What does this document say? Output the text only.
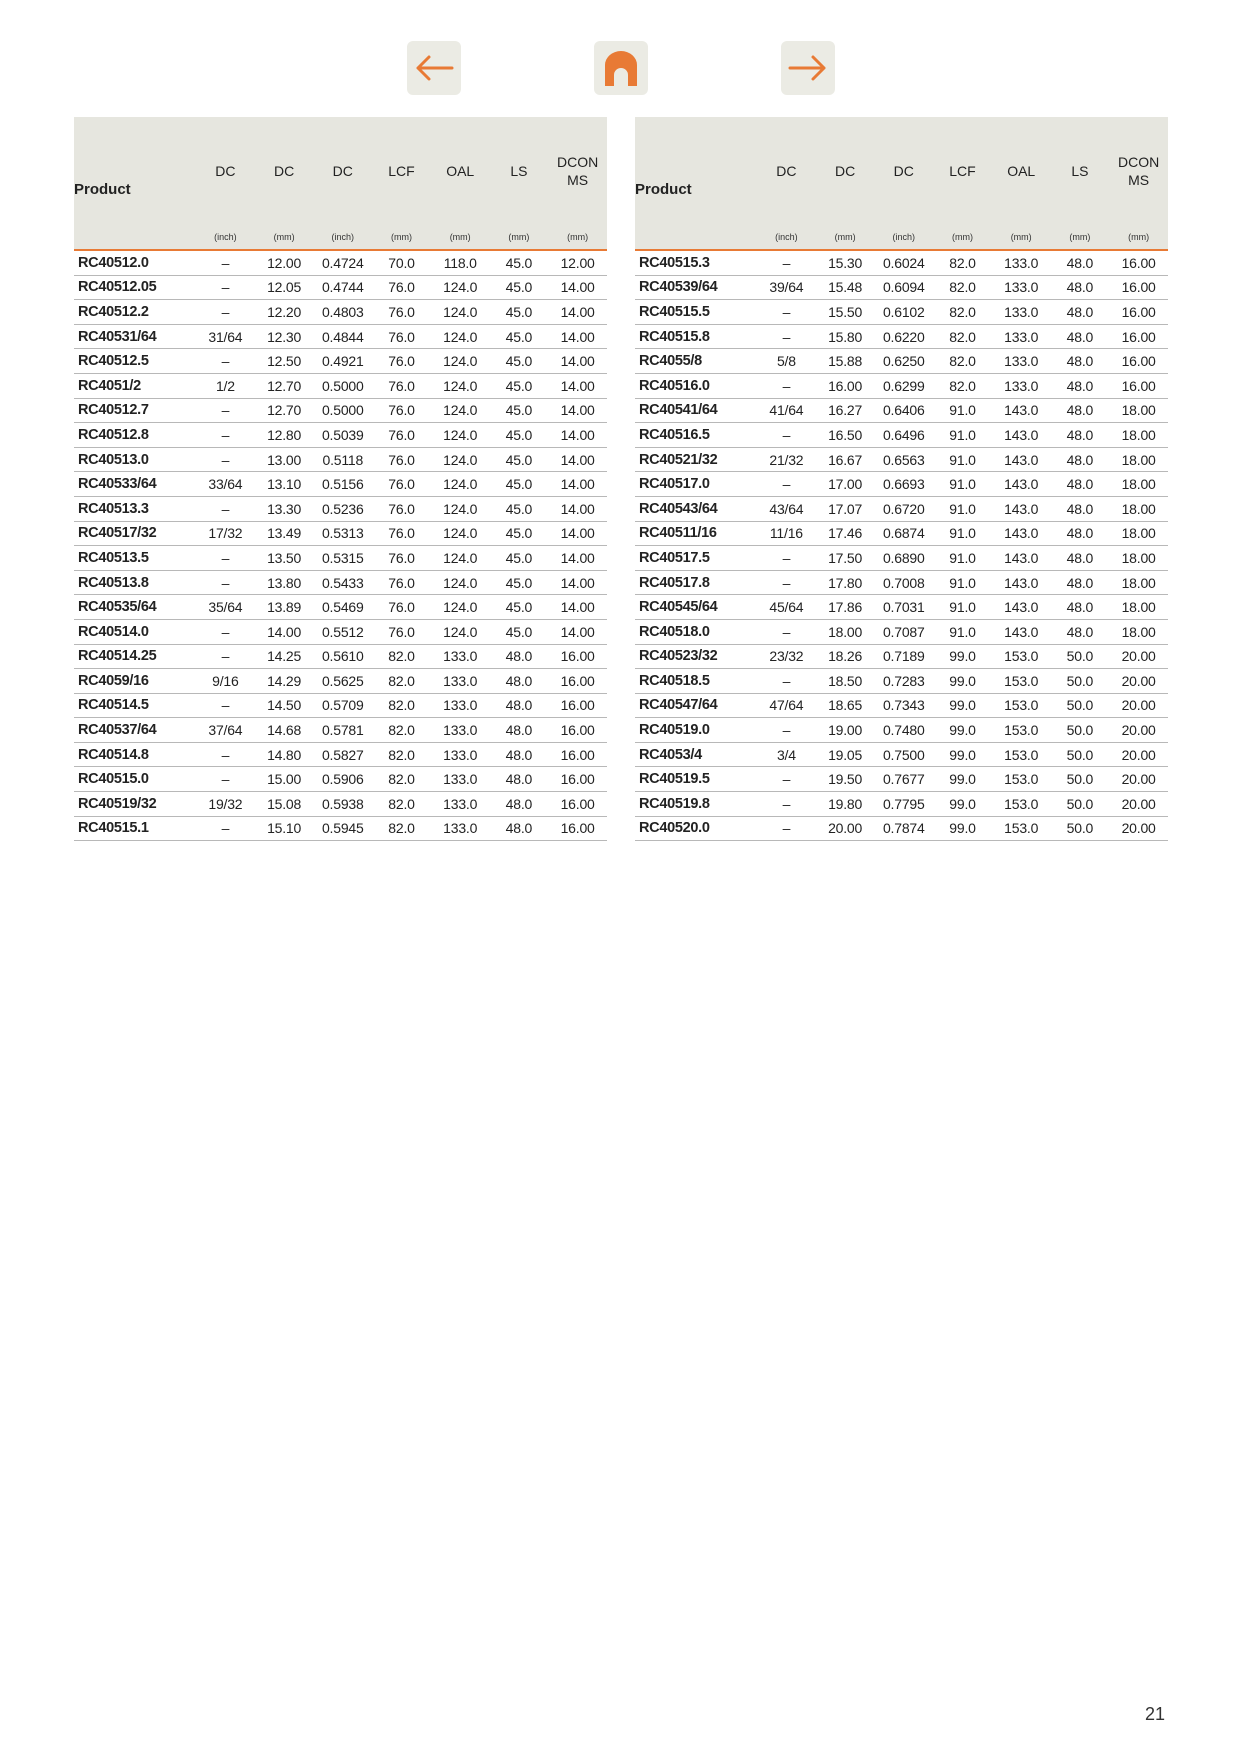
Product	DC	DC	DC	LCF	OAL	LS	DCON
MS
	(inch)	(mm)	(inch)	(mm)	(mm)	(mm)	(mm)
RC40512.0	–	12.00	0.4724	70.0	118.0	45.0	12.00
RC40512.05	–	12.05	0.4744	76.0	124.0	45.0	14.00
RC40512.2	–	12.20	0.4803	76.0	124.0	45.0	14.00
RC40531/64	31/64	12.30	0.4844	76.0	124.0	45.0	14.00
RC40512.5	–	12.50	0.4921	76.0	124.0	45.0	14.00
RC4051/2	1/2	12.70	0.5000	76.0	124.0	45.0	14.00
RC40512.7	–	12.70	0.5000	76.0	124.0	45.0	14.00
RC40512.8	–	12.80	0.5039	76.0	124.0	45.0	14.00
RC40513.0	–	13.00	0.5118	76.0	124.0	45.0	14.00
RC40533/64	33/64	13.10	0.5156	76.0	124.0	45.0	14.00
RC40513.3	–	13.30	0.5236	76.0	124.0	45.0	14.00
RC40517/32	17/32	13.49	0.5313	76.0	124.0	45.0	14.00
RC40513.5	–	13.50	0.5315	76.0	124.0	45.0	14.00
RC40513.8	–	13.80	0.5433	76.0	124.0	45.0	14.00
RC40535/64	35/64	13.89	0.5469	76.0	124.0	45.0	14.00
RC40514.0	–	14.00	0.5512	76.0	124.0	45.0	14.00
RC40514.25	–	14.25	0.5610	82.0	133.0	48.0	16.00
RC4059/16	9/16	14.29	0.5625	82.0	133.0	48.0	16.00
RC40514.5	–	14.50	0.5709	82.0	133.0	48.0	16.00
RC40537/64	37/64	14.68	0.5781	82.0	133.0	48.0	16.00
RC40514.8	–	14.80	0.5827	82.0	133.0	48.0	16.00
RC40515.0	–	15.00	0.5906	82.0	133.0	48.0	16.00
RC40519/32	19/32	15.08	0.5938	82.0	133.0	48.0	16.00
RC40515.1	–	15.10	0.5945	82.0	133.0	48.0	16.00
Product	DC	DC	DC	LCF	OAL	LS	DCON
MS
	(inch)	(mm)	(inch)	(mm)	(mm)	(mm)	(mm)
RC40515.3	–	15.30	0.6024	82.0	133.0	48.0	16.00
RC40539/64	39/64	15.48	0.6094	82.0	133.0	48.0	16.00
RC40515.5	–	15.50	0.6102	82.0	133.0	48.0	16.00
RC40515.8	–	15.80	0.6220	82.0	133.0	48.0	16.00
RC4055/8	5/8	15.88	0.6250	82.0	133.0	48.0	16.00
RC40516.0	–	16.00	0.6299	82.0	133.0	48.0	16.00
RC40541/64	41/64	16.27	0.6406	91.0	143.0	48.0	18.00
RC40516.5	–	16.50	0.6496	91.0	143.0	48.0	18.00
RC40521/32	21/32	16.67	0.6563	91.0	143.0	48.0	18.00
RC40517.0	–	17.00	0.6693	91.0	143.0	48.0	18.00
RC40543/64	43/64	17.07	0.6720	91.0	143.0	48.0	18.00
RC40511/16	11/16	17.46	0.6874	91.0	143.0	48.0	18.00
RC40517.5	–	17.50	0.6890	91.0	143.0	48.0	18.00
RC40517.8	–	17.80	0.7008	91.0	143.0	48.0	18.00
RC40545/64	45/64	17.86	0.7031	91.0	143.0	48.0	18.00
RC40518.0	–	18.00	0.7087	91.0	143.0	48.0	18.00
RC40523/32	23/32	18.26	0.7189	99.0	153.0	50.0	20.00
RC40518.5	–	18.50	0.7283	99.0	153.0	50.0	20.00
RC40547/64	47/64	18.65	0.7343	99.0	153.0	50.0	20.00
RC40519.0	–	19.00	0.7480	99.0	153.0	50.0	20.00
RC4053/4	3/4	19.05	0.7500	99.0	153.0	50.0	20.00
RC40519.5	–	19.50	0.7677	99.0	153.0	50.0	20.00
RC40519.8	–	19.80	0.7795	99.0	153.0	50.0	20.00
RC40520.0	–	20.00	0.7874	99.0	153.0	50.0	20.00
21
